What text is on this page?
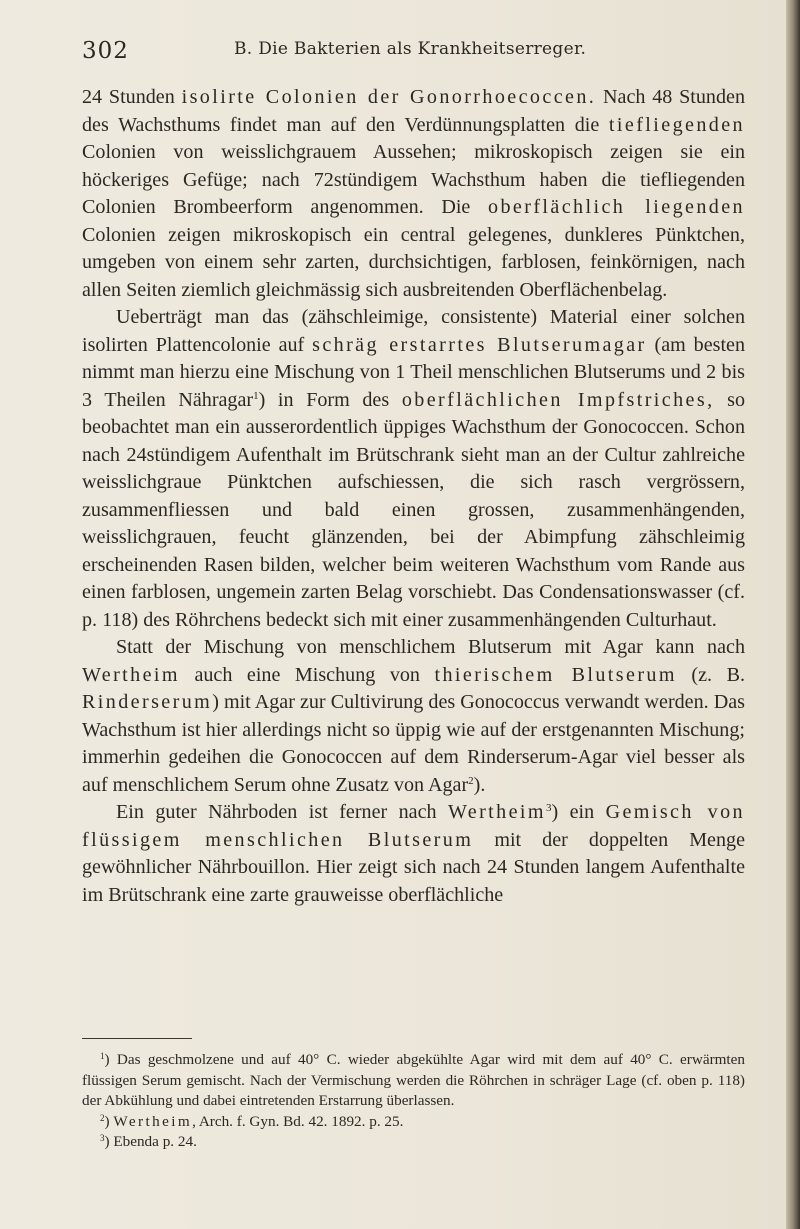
302	B. Die Bakterien als Krankheitserreger.

24 Stunden isolirte Colonien der Gonorrhoecoccen. Nach 48 Stunden des Wachsthums findet man auf den Verdünnungsplatten die tiefliegenden Colonien von weisslichgrauem Aussehen; mikroskopisch zeigen sie ein höckeriges Gefüge; nach 72stündigem Wachsthum haben die tiefliegenden Colonien Brombeerform angenommen. Die oberflächlich liegenden Colonien zeigen mikroskopisch ein central gelegenes, dunkleres Pünktchen, umgeben von einem sehr zarten, durchsichtigen, farblosen, feinkörnigen, nach allen Seiten ziemlich gleichmässig sich ausbreitenden Oberflächenbelag.

Ueberträgt man das (zähschleimige, consistente) Material einer solchen isolirten Plattencolonie auf schräg erstarrtes Blutserumagar (am besten nimmt man hierzu eine Mischung von 1 Theil menschlichen Blutserums und 2 bis 3 Theilen Nähragar$^1$) in Form des oberflächlichen Impfstriches, so beobachtet man ein ausserordentlich üppiges Wachsthum der Gonococcen. Schon nach 24stündigem Aufenthalt im Brütschrank sieht man an der Cultur zahlreiche weisslichgraue Pünktchen aufschiessen, die sich rasch vergrössern, zusammenfliessen und bald einen grossen, zusammenhängenden, weisslichgrauen, feucht glänzenden, bei der Abimpfung zähschleimig erscheinenden Rasen bilden, welcher beim weiteren Wachsthum vom Rande aus einen farblosen, ungemein zarten Belag vorschiebt. Das Condensationswasser (cf. p. 118) des Röhrchens bedeckt sich mit einer zusammenhängenden Culturhaut.

Statt der Mischung von menschlichem Blutserum mit Agar kann nach Wertheim auch eine Mischung von thierischem Blutserum (z. B. Rinderserum) mit Agar zur Cultivirung des Gonococcus verwandt werden. Das Wachsthum ist hier allerdings nicht so üppig wie auf der erstgenannten Mischung; immerhin gedeihen die Gonococcen auf dem Rinderserum-Agar viel besser als auf menschlichem Serum ohne Zusatz von Agar$^2$).

Ein guter Nährboden ist ferner nach Wertheim$^3$) ein Gemisch von flüssigem menschlichen Blutserum mit der doppelten Menge gewöhnlicher Nährbouillon. Hier zeigt sich nach 24 Stunden langem Aufenthalte im Brütschrank eine zarte grauweisse oberflächliche

$^1$) Das geschmolzene und auf 40° C. wieder abgekühlte Agar wird mit dem auf 40° C. erwärmten flüssigen Serum gemischt. Nach der Vermischung werden die Röhrchen in schräger Lage (cf. oben p. 118) der Abkühlung und dabei eintretenden Erstarrung überlassen.

$^2$) Wertheim, Arch. f. Gyn. Bd. 42. 1892. p. 25.

$^3$) Ebenda p. 24.
